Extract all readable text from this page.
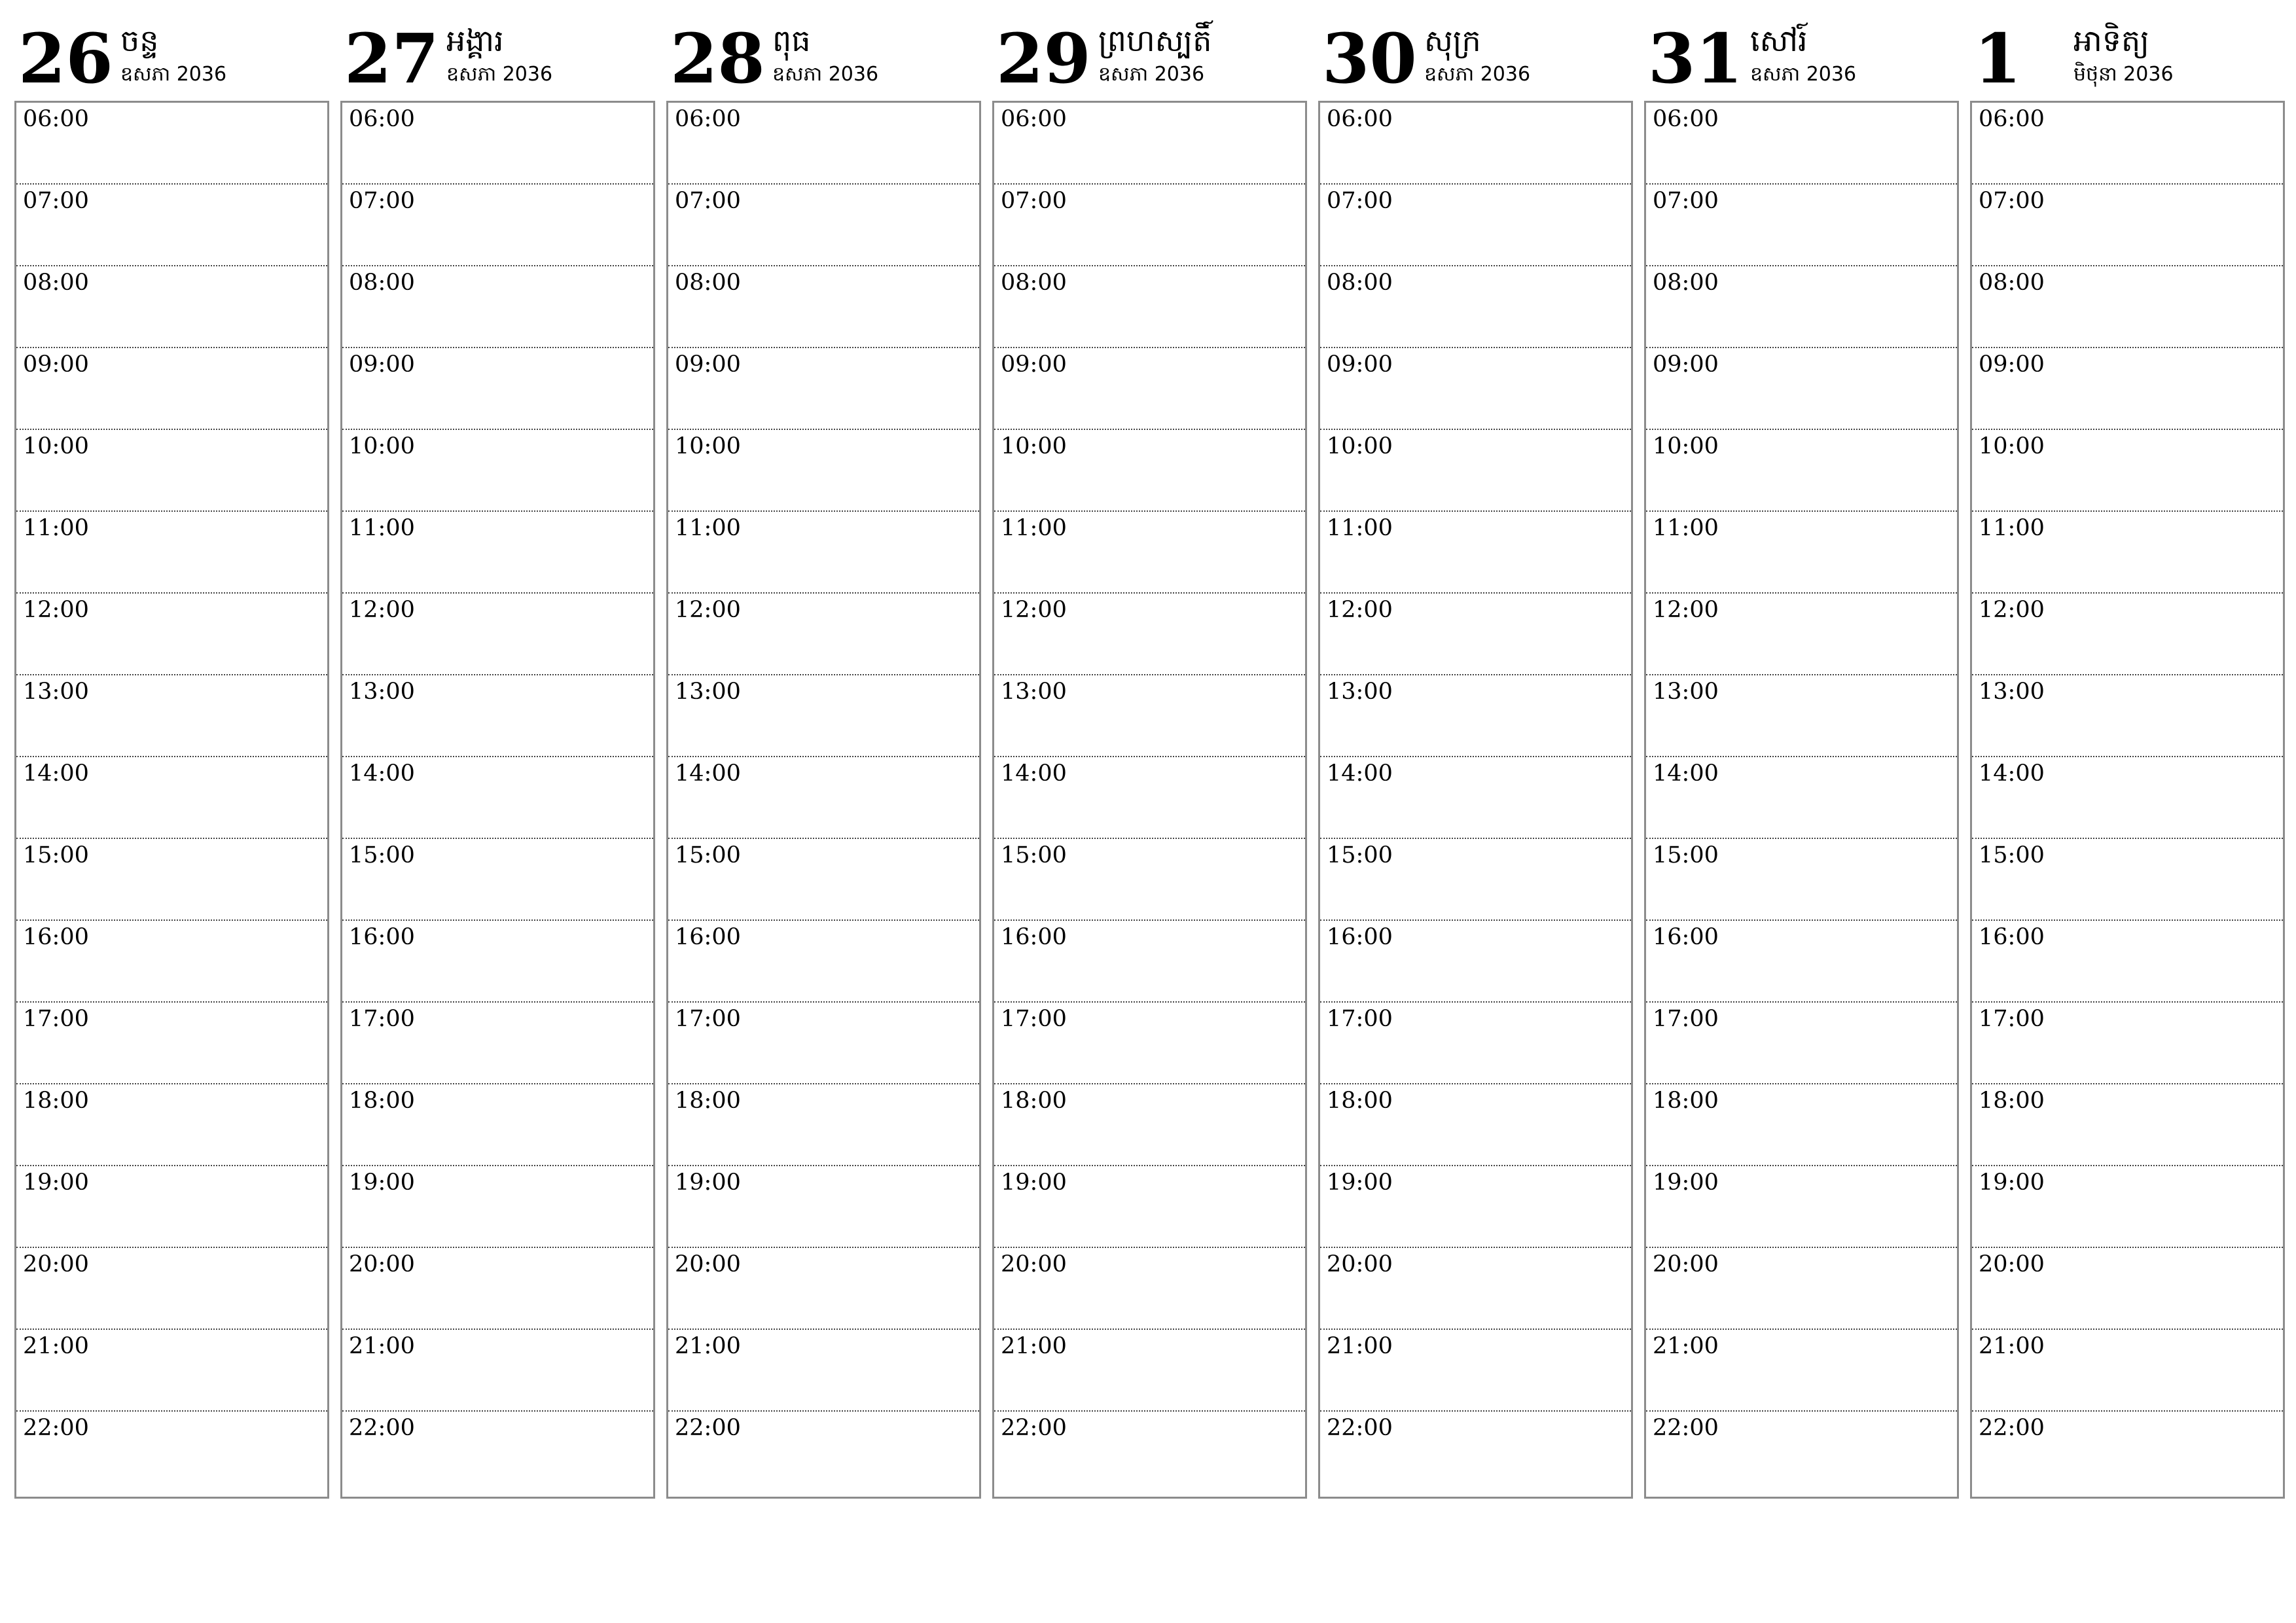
26 ចន្ទ
ឧសភា 2036
06:00
07:00
08:00
09:00
10:00
11:00
12:00
13:00
14:00
15:00
16:00
17:00
18:00
19:00
20:00
21:00
22:00
27 អង្គារ
ឧសភា 2036
06:00
07:00
08:00
09:00
10:00
11:00
12:00
13:00
14:00
15:00
16:00
17:00
18:00
19:00
20:00
21:00
22:00
28 ពុធ
ឧសភា 2036
06:00
07:00
08:00
09:00
10:00
11:00
12:00
13:00
14:00
15:00
16:00
17:00
18:00
19:00
20:00
21:00
22:00
29 ព្រហស្បតិ៍
ឧសភា 2036
06:00
07:00
08:00
09:00
10:00
11:00
12:00
13:00
14:00
15:00
16:00
17:00
18:00
19:00
20:00
21:00
22:00
30 សុក្រ
ឧសភា 2036
06:00
07:00
08:00
09:00
10:00
11:00
12:00
13:00
14:00
15:00
16:00
17:00
18:00
19:00
20:00
21:00
22:00
31 សៅរ៍
ឧសភា 2036
06:00
07:00
08:00
09:00
10:00
11:00
12:00
13:00
14:00
15:00
16:00
17:00
18:00
19:00
20:00
21:00
22:00
1 អាទិត្យ
មិថុនា 2036
06:00
07:00
08:00
09:00
10:00
11:00
12:00
13:00
14:00
15:00
16:00
17:00
18:00
19:00
20:00
21:00
22:00
